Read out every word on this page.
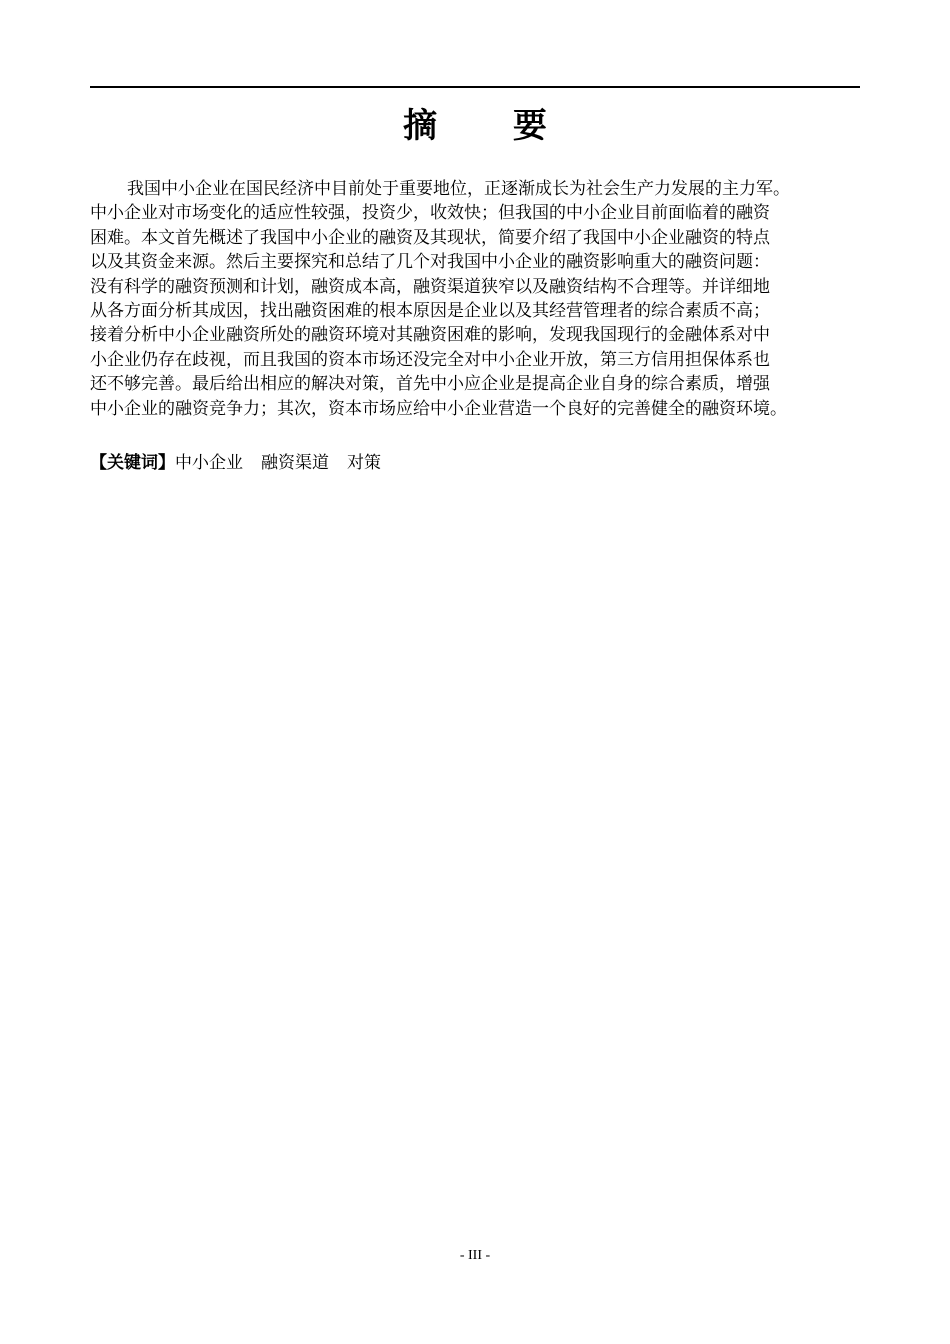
摘 要
我国中小企业在国民经济中目前处于重要地位，正逐渐成长为社会生产力发展的主力军。
中小企业对市场变化的适应性较强，投资少，收效快；但我国的中小企业目前面临着的融资
困难。本文首先概述了我国中小企业的融资及其现状，简要介绍了我国中小企业融资的特点
以及其资金来源。然后主要探究和总结了几个对我国中小企业的融资影响重大的融资问题：
没有科学的融资预测和计划，融资成本高，融资渠道狭窄以及融资结构不合理等。并详细地
从各方面分析其成因，找出融资困难的根本原因是企业以及其经营管理者的综合素质不高；
接着分析中小企业融资所处的融资环境对其融资困难的影响，发现我国现行的金融体系对中
小企业仍存在歧视，而且我国的资本市场还没完全对中小企业开放，第三方信用担保体系也
还不够完善。最后给出相应的解决对策，首先中小应企业是提高企业自身的综合素质，增强
中小企业的融资竞争力；其次，资本市场应给中小企业营造一个良好的完善健全的融资环境。
【关键词】中小企业 融资渠道 对策
- III -
